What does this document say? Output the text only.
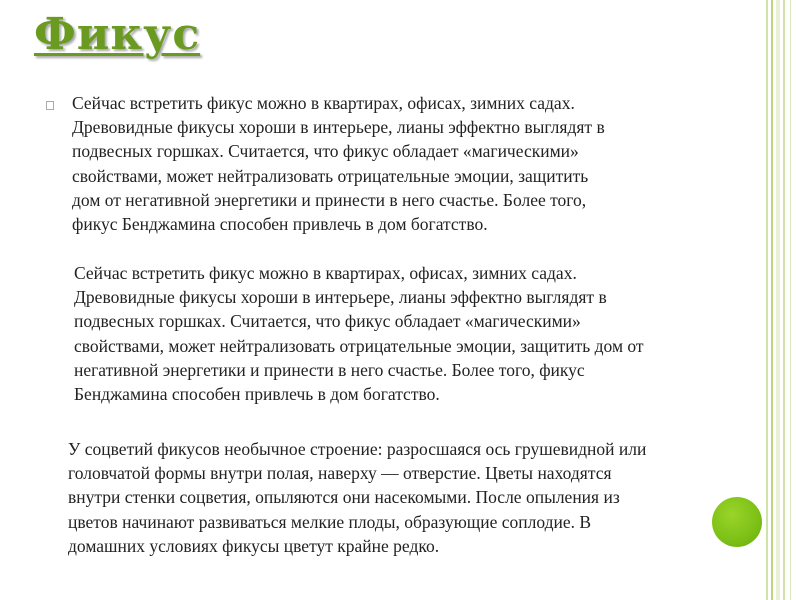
Фикус

Сейчас встретить фикус можно в квартирах, офисах, зимних садах.
Древовидные фикусы хороши в интерьере, лианы эффектно выглядят в
подвесных горшках. Считается, что фикус обладает «магическими»
свойствами, может нейтрализовать отрицательные эмоции, защитить
дом от негативной энергетики и принести в него счастье. Более того,
фикус Бенджамина способен привлечь в дом богатство.

Сейчас встретить фикус можно в квартирах, офисах, зимних садах.
Древовидные фикусы хороши в интерьере, лианы эффектно выглядят в
подвесных горшках. Считается, что фикус обладает «магическими»
свойствами, может нейтрализовать отрицательные эмоции, защитить дом от
негативной энергетики и принести в него счастье. Более того, фикус
Бенджамина способен привлечь в дом богатство.

У соцветий фикусов необычное строение: разросшаяся ось грушевидной или
головчатой формы внутри полая, наверху — отверстие. Цветы находятся
внутри стенки соцветия, опыляются они насекомыми. После опыления из
цветов начинают развиваться мелкие плоды, образующие соплодие. В
домашних условиях фикусы цветут крайне редко.
